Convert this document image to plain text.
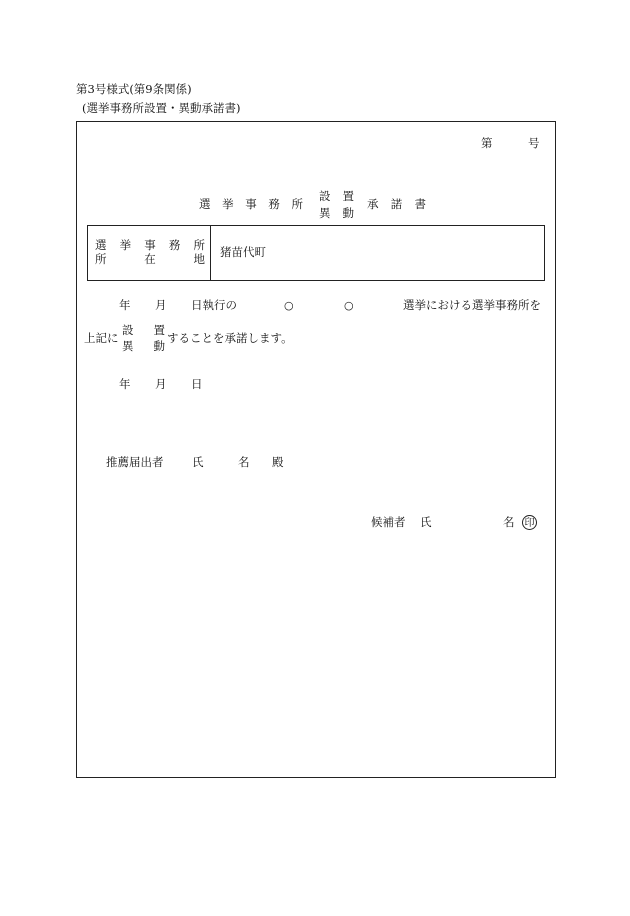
第3号様式(第9条関係)
(選挙事務所設置・異動承諾書)
第	号
選 挙 事 務 所
設 置
異 動
承 諾 書
選 挙 事 務 所
所	在	地 猪苗代町
年 月 日執行の	○	○	選挙における選挙事務所を
上記に
設 置
異 動
することを承諾します。
年 月 日
推薦届出者 氏	名 殿
候補者 氏	名 印
